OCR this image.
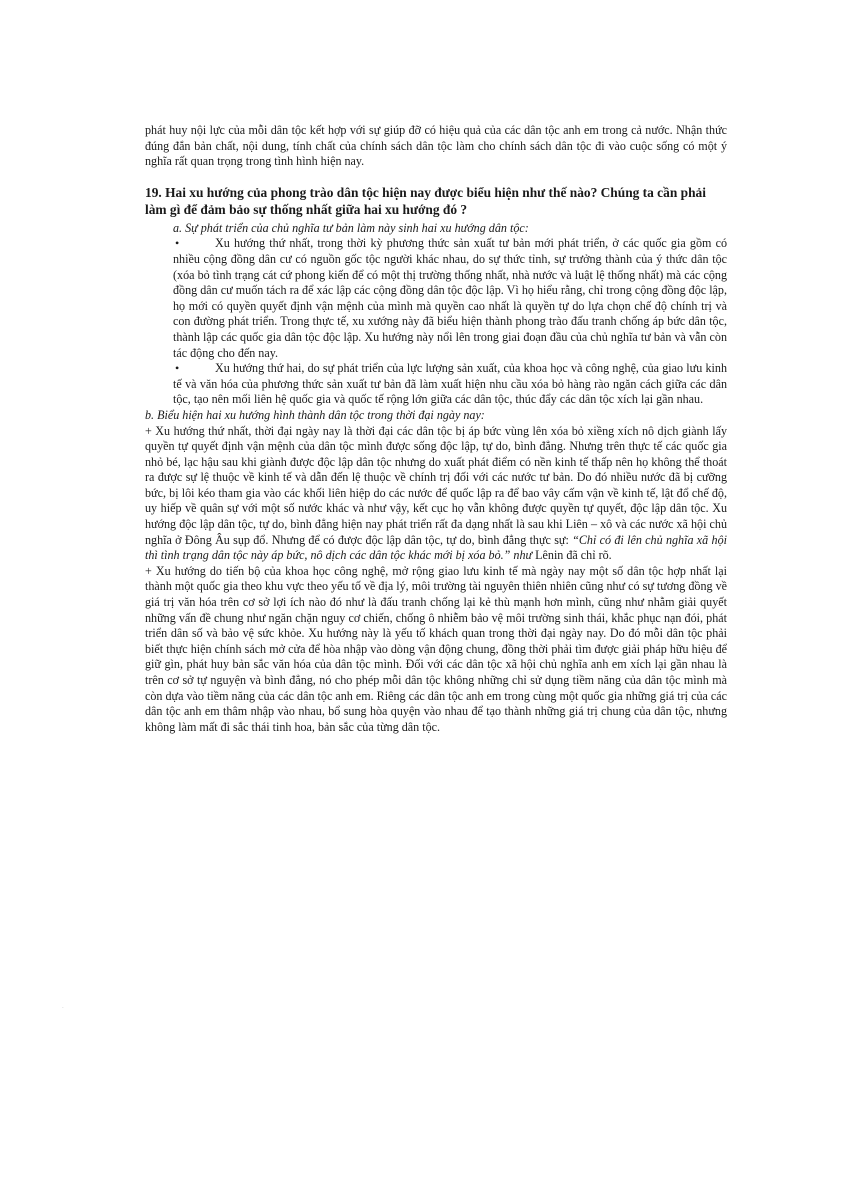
phát huy nội lực của mỗi dân tộc kết hợp với sự giúp đỡ có hiệu quả của các dân tộc anh em trong cả nước. Nhận thức đúng đắn bản chất, nội dung, tính chất của chính sách dân tộc làm cho chính sách dân tộc đi vào cuộc sống có một ý nghĩa rất quan trọng trong tình hình hiện nay.

19. Hai xu hướng của phong trào dân tộc hiện nay được biểu hiện như thế nào? Chúng ta cần phải làm gì để đảm bảo sự thống nhất giữa hai xu hướng đó ?

a. Sự phát triển của chủ nghĩa tư bản làm này sinh hai xu hướng dân tộc:

•	Xu hướng thứ nhất, trong thời kỳ phương thức sản xuất tư bản mới phát triển, ở các quốc gia gồm có nhiều cộng đồng dân cư có nguồn gốc tộc người khác nhau, do sự thức tỉnh, sự trưởng thành của ý thức dân tộc (xóa bỏ tình trạng cát cứ phong kiến để có một thị trường thống nhất, nhà nước và luật lệ thống nhất) mà các cộng đồng dân cư muốn tách ra để xác lập các cộng đồng dân tộc độc lập. Vì họ hiểu rằng, chỉ trong cộng đồng độc lập, họ mới có quyền quyết định vận mệnh của mình mà quyền cao nhất là quyền tự do lựa chọn chế độ chính trị và con đường phát triển. Trong thực tế, xu xướng này đã biểu hiện thành phong trào đấu tranh chống áp bức dân tộc, thành lập các quốc gia dân tộc độc lập. Xu hướng này nổi lên trong giai đoạn đầu của chủ nghĩa tư bản và vẫn còn tác động cho đến nay.

•	Xu hướng thứ hai, do sự phát triển của lực lượng sản xuất, của khoa học và công nghệ, của giao lưu kinh tế và văn hóa của phương thức sản xuất tư bản đã làm xuất hiện nhu cầu xóa bỏ hàng rào ngăn cách giữa các dân tộc, tạo nên mối liên hệ quốc gia và quốc tế rộng lớn giữa các dân tộc, thúc đẩy các dân tộc xích lại gần nhau.

b. Biểu hiện hai xu hướng hình thành dân tộc trong thời đại ngày nay:

+ Xu hướng thứ nhất, thời đại ngày nay là thời đại các dân tộc bị áp bức vùng lên xóa bỏ xiềng xích nô dịch giành lấy quyền tự quyết định vận mệnh của dân tộc mình được sống độc lập, tự do, bình đẳng. Nhưng trên thực tế các quốc gia nhỏ bé, lạc hậu sau khi giành được độc lập dân tộc nhưng do xuất phát điểm có nền kinh tế thấp nên họ không thể thoát ra được sự lệ thuộc về kinh tế và dẫn đến lệ thuộc về chính trị đối với các nước tư bản. Do đó nhiều nước đã bị cưỡng bức, bị lôi kéo tham gia vào các khối liên hiệp do các nước để quốc lập ra để bao vây cấm vận về kinh tế, lật đổ chế độ, uy hiếp về quân sự với một số nước khác và như vậy, kết cục họ vẫn không được quyền tự quyết, độc lập dân tộc. Xu hướng độc lập dân tộc, tự do, bình đẳng hiện nay phát triển rất đa dạng nhất là sau khi Liên – xô và các nước xã hội chủ nghĩa ở Đông Âu sụp đổ. Nhưng để có được độc lập dân tộc, tự do, bình đẳng thực sự: “Chỉ có đi lên chủ nghĩa xã hội thì tình trạng dân tộc này áp bức, nô dịch các dân tộc khác mới bị xóa bỏ.” như Lênin đã chỉ rõ.

+ Xu hướng do tiến bộ của khoa học công nghệ, mở rộng giao lưu kinh tế mà ngày nay một số dân tộc hợp nhất lại thành một quốc gia theo khu vực theo yếu tố về địa lý, môi trường tài nguyên thiên nhiên cũng như có sự tương đồng về giá trị văn hóa trên cơ sở lợi ích nào đó như là đấu tranh chống lại kẻ thù mạnh hơn mình, cũng như nhằm giải quyết những vấn đề chung như ngăn chặn nguy cơ chiến, chống ô nhiễm bảo vệ môi trường sinh thái, khắc phục nạn đói, phát triển dân số và bảo vệ sức khỏe. Xu hướng này là yếu tố khách quan trong thời đại ngày nay. Do đó mỗi dân tộc phải biết thực hiện chính sách mở cửa để hòa nhập vào dòng vận động chung, đồng thời phải tìm được giải pháp hữu hiệu để giữ gìn, phát huy bản sắc văn hóa của dân tộc mình. Đối với các dân tộc xã hội chủ nghĩa anh em xích lại gần nhau là trên cơ sở tự nguyện và bình đẳng, nó cho phép mỗi dân tộc không những chỉ sử dụng tiềm năng của dân tộc mình mà còn dựa vào tiềm năng của các dân tộc anh em. Riêng các dân tộc anh em trong cùng một quốc gia những giá trị của các dân tộc anh em thâm nhập vào nhau, bổ sung hòa quyện vào nhau để tạo thành những giá trị chung của dân tộc, nhưng không làm mất đi sắc thái tinh hoa, bản sắc của từng dân tộc.

.
